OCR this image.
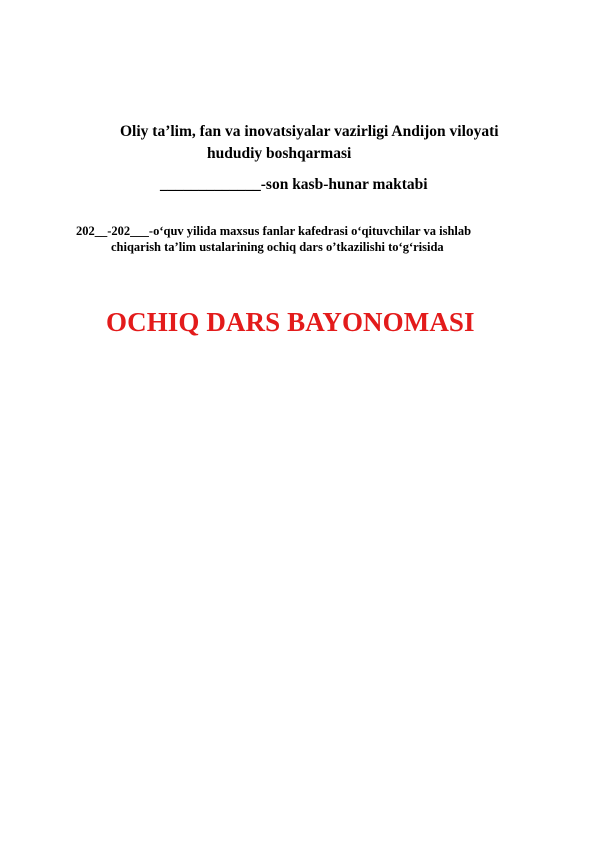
Oliy ta’lim, fan va inovatsiyalar vazirligi Andijon viloyati
hududiy boshqarmasi
_____________-son kasb-hunar maktabi
202__-202___-o‘quv yilida maxsus fanlar kafedrasi o‘qituvchilar va ishlab
chiqarish ta’lim ustalarining ochiq dars o’tkazilishi to‘g‘risida
OCHIQ DARS BAYONOMASI
